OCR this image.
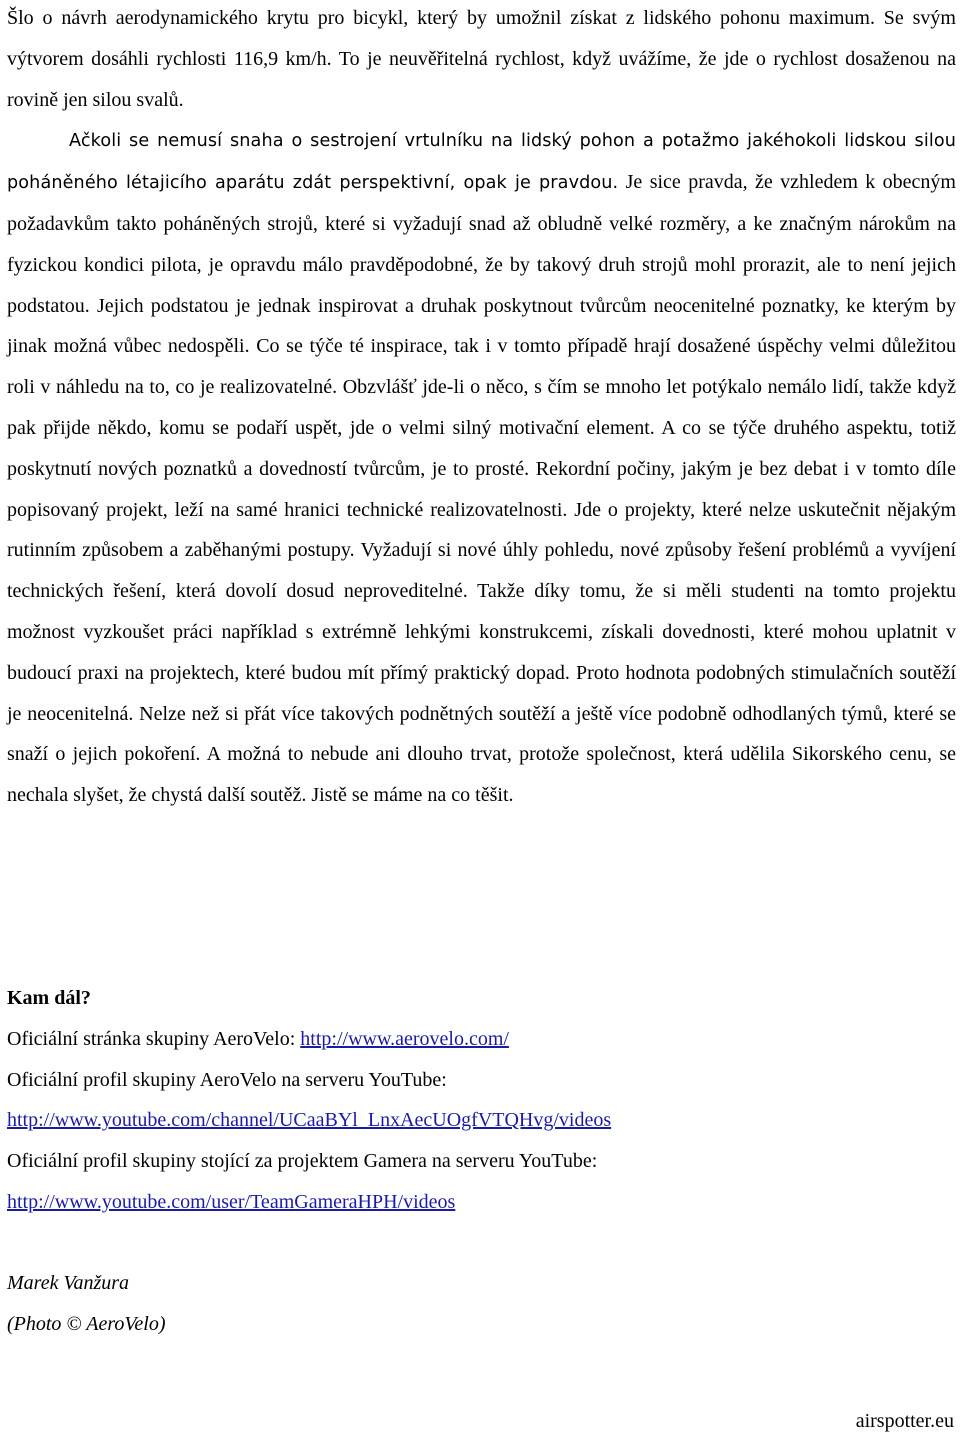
Šlo o návrh aerodynamického krytu pro bicykl, který by umožnil získat z lidského pohonu maximum. Se svým výtvorem dosáhli rychlosti 116,9 km/h. To je neuvěřitelná rychlost, když uvážíme, že jde o rychlost dosaženou na rovině jen silou svalů.

Ačkoli se nemusí snaha o sestrojení vrtulníku na lidský pohon a potažmo jakéhokoli lidskou silou poháněného létajicího aparátu zdát perspektivní, opak je pravdou. Je sice pravda, že vzhledem k obecným požadavkům takto poháněných strojů, které si vyžadují snad až obludně velké rozměry, a ke značným nárokům na fyzickou kondici pilota, je opravdu málo pravděpodobné, že by takový druh strojů mohl prorazit, ale to není jejich podstatou. Jejich podstatou je jednak inspirovat a druhak poskytnout tvůrcům neocenitelné poznatky, ke kterým by jinak možná vůbec nedospěli. Co se týče té inspirace, tak i v tomto případě hrají dosažené úspěchy velmi důležitou roli v náhledu na to, co je realizovatelné. Obzvlášť jde-li o něco, s čím se mnoho let potýkalo nemálo lidí, takže když pak přijde někdo, komu se podaří uspět, jde o velmi silný motivační element. A co se týče druhého aspektu, totiž poskytnutí nových poznatků a dovedností tvůrcům, je to prosté. Rekordní počiny, jakým je bez debat i v tomto díle popisovaný projekt, leží na samé hranici technické realizovatelnosti. Jde o projekty, které nelze uskutečnit nějakým rutinním způsobem a zaběhanými postupy. Vyžadují si nové úhly pohledu, nové způsoby řešení problémů a vyvíjení technických řešení, která dovolí dosud neproveditelné. Takže díky tomu, že si měli studenti na tomto projektu možnost vyzkoušet práci například s extrémně lehkými konstrukcemi, získali dovednosti, které mohou uplatnit v budoucí praxi na projektech, které budou mít přímý praktický dopad. Proto hodnota podobných stimulačních soutěží je neocenitelná. Nelze než si přát více takových podnětných soutěží a ještě více podobně odhodlaných týmů, které se snaží o jejich pokoření. A možná to nebude ani dlouho trvat, protože společnost, která udělila Sikorského cenu, se nechala slyšet, že chystá další soutěž. Jistě se máme na co těšit.

Kam dál?
Oficiální stránka skupiny AeroVelo: http://www.aerovelo.com/
Oficiální profil skupiny AeroVelo na serveru YouTube:
http://www.youtube.com/channel/UCaaBYl_LnxAecUOgfVTQHvg/videos
Oficiální profil skupiny stojící za projektem Gamera na serveru YouTube:
http://www.youtube.com/user/TeamGameraHPH/videos
Marek Vanžura
(Photo © AeroVelo)
airspotter.eu
